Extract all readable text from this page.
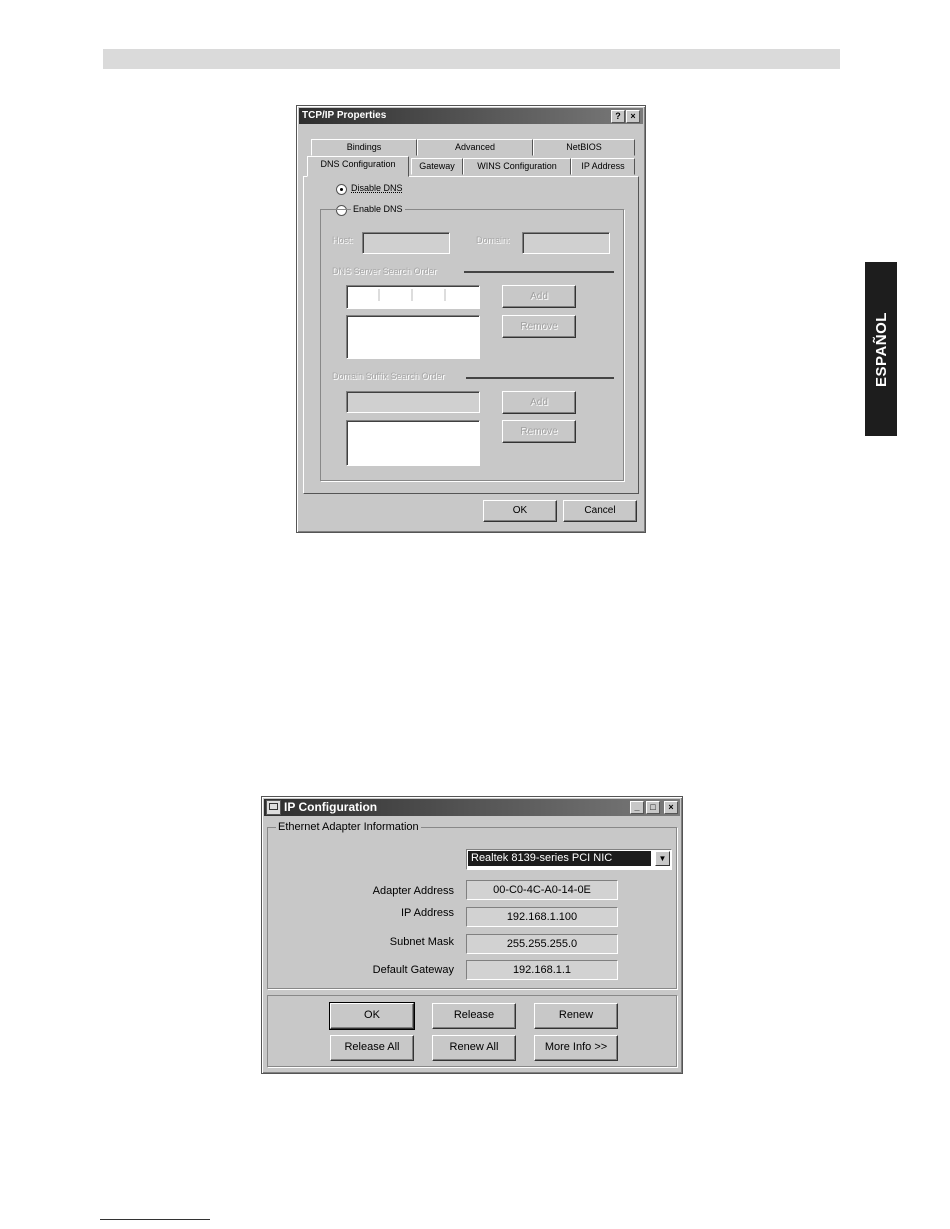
TCP/IP Properties	?	×
Bindings	Advanced	NetBIOS
DNS Configuration	Gateway	WINS Configuration	IP Address
Disable DNS
Enable DNS
Host:	Domain:
DNS Server Search Order
Add
Remove
Domain Suffix Search Order
Add
Remove
OK	Cancel
ESPAÑOL
IP Configuration	_	□	×
Ethernet Adapter Information
Realtek 8139-series PCI NIC	▼
Adapter Address	00-C0-4C-A0-14-0E
IP Address	192.168.1.100
Subnet Mask	255.255.255.0
Default Gateway	192.168.1.1
OK	Release	Renew
Release All	Renew All	More Info >>
